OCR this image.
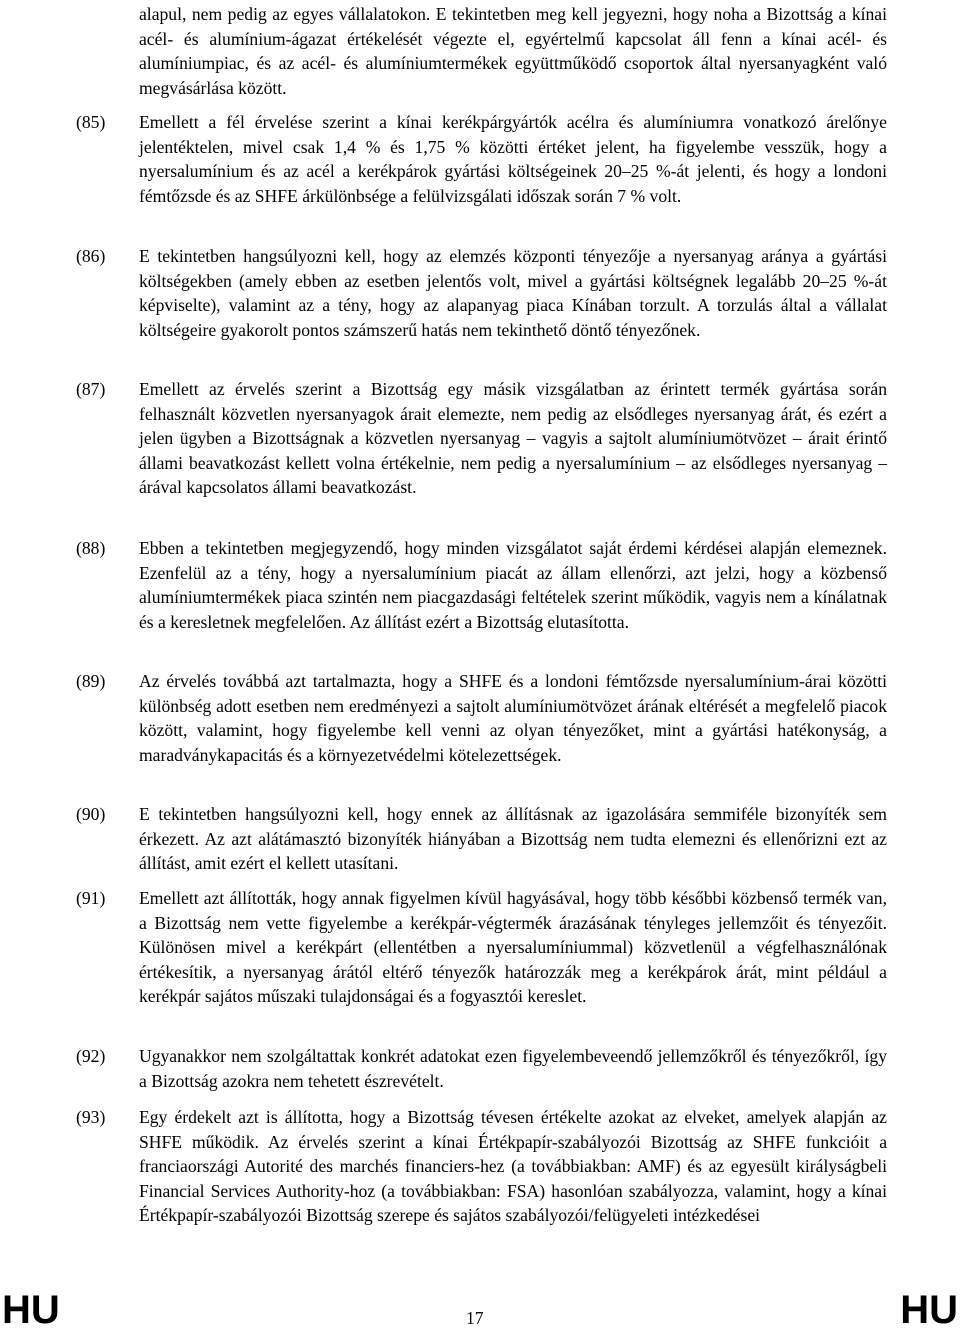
alapul, nem pedig az egyes vállalatokon. E tekintetben meg kell jegyezni, hogy noha a Bizottság a kínai acél- és alumínium-ágazat értékelését végezte el, egyértelmű kapcsolat áll fenn a kínai acél- és alumíniumpiac, és az acél- és alumíniumtermékek együttműködő csoportok által nyersanyagként való megvásárlása között.

(85) Emellett a fél érvelése szerint a kínai kerékpárgyártók acélra és alumíniumra vonatkozó árelőnye jelentéktelen, mivel csak 1,4 % és 1,75 % közötti értéket jelent, ha figyelembe vesszük, hogy a nyersalumínium és az acél a kerékpárok gyártási költségeinek 20–25 %-át jelenti, és hogy a londoni fémtőzsde és az SHFE árkülönbsége a felülvizsgálati időszak során 7 % volt.

(86) E tekintetben hangsúlyozni kell, hogy az elemzés központi tényezője a nyersanyag aránya a gyártási költségekben (amely ebben az esetben jelentős volt, mivel a gyártási költségnek legalább 20–25 %-át képviselte), valamint az a tény, hogy az alapanyag piaca Kínában torzult. A torzulás által a vállalat költségeire gyakorolt pontos számszerű hatás nem tekinthető döntő tényezőnek.

(87) Emellett az érvelés szerint a Bizottság egy másik vizsgálatban az érintett termék gyártása során felhasznált közvetlen nyersanyagok árait elemezte, nem pedig az elsődleges nyersanyag árát, és ezért a jelen ügyben a Bizottságnak a közvetlen nyersanyag – vagyis a sajtolt alumíniumötvözet – árait érintő állami beavatkozást kellett volna értékelnie, nem pedig a nyersalumínium – az elsődleges nyersanyag – árával kapcsolatos állami beavatkozást.

(88) Ebben a tekintetben megjegyzendő, hogy minden vizsgálatot saját érdemi kérdései alapján elemeznek. Ezenfelül az a tény, hogy a nyersalumínium piacát az állam ellenőrzi, azt jelzi, hogy a közbenső alumíniumtermékek piaca szintén nem piacgazdasági feltételek szerint működik, vagyis nem a kínálatnak és a keresletnek megfelelően. Az állítást ezért a Bizottság elutasította.

(89) Az érvelés továbbá azt tartalmazta, hogy a SHFE és a londoni fémtőzsde nyersalumínium-árai közötti különbség adott esetben nem eredményezi a sajtolt alumíniumötvözet árának eltérését a megfelelő piacok között, valamint, hogy figyelembe kell venni az olyan tényezőket, mint a gyártási hatékonyság, a maradványkapacitás és a környezetvédelmi kötelezettségek.

(90) E tekintetben hangsúlyozni kell, hogy ennek az állításnak az igazolására semmiféle bizonyíték sem érkezett. Az azt alátámasztó bizonyíték hiányában a Bizottság nem tudta elemezni és ellenőrizni ezt az állítást, amit ezért el kellett utasítani.

(91) Emellett azt állították, hogy annak figyelmen kívül hagyásával, hogy több későbbi közbenső termék van, a Bizottság nem vette figyelembe a kerékpár-végtermék árazásának tényleges jellemzőit és tényezőit. Különösen mivel a kerékpárt (ellentétben a nyersalumíniummal) közvetlenül a végfelhasználónak értékesítik, a nyersanyag árától eltérő tényezők határozzák meg a kerékpárok árát, mint például a kerékpár sajátos műszaki tulajdonságai és a fogyasztói kereslet.

(92) Ugyanakkor nem szolgáltattak konkrét adatokat ezen figyelembeveendő jellemzőkről és tényezőkről, így a Bizottság azokra nem tehetett észrevételt.

(93) Egy érdekelt azt is állította, hogy a Bizottság tévesen értékelte azokat az elveket, amelyek alapján az SHFE működik. Az érvelés szerint a kínai Értékpapír-szabályozói Bizottság az SHFE funkcióit a franciaországi Autorité des marchés financiers-hez (a továbbiakban: AMF) és az egyesült királyságbeli Financial Services Authority-hoz (a továbbiakban: FSA) hasonlóan szabályozza, valamint, hogy a kínai Értékpapír-szabályozói Bizottság szerepe és sajátos szabályozói/felügyeleti intézkedései

HU	17	HU
